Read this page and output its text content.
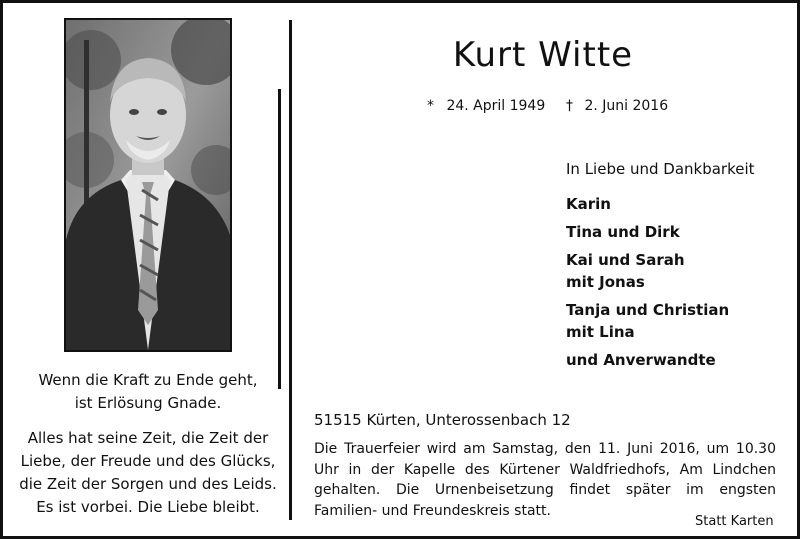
Wenn die Kraft zu Ende geht,
ist Erlösung Gnade.
Alles hat seine Zeit, die Zeit der
Liebe, der Freude und des Glücks,
die Zeit der Sorgen und des Leids.
Es ist vorbei. Die Liebe bleibt.
Kurt Witte
* 24. April 1949 † 2. Juni 2016
In Liebe und Dankbarkeit
Karin
Tina und Dirk
Kai und Sarah
mit Jonas
Tanja und Christian
mit Lina
und Anverwandte
51515 Kürten, Unterossenbach 12
Die Trauerfeier wird am Samstag, den 11. Juni 2016, um 10.30 Uhr in der Kapelle des Kürtener Waldfriedhofs, Am Lindchen gehalten. Die Urnenbeisetzung findet später im engsten Familien- und Freundeskreis statt.
Statt Karten
